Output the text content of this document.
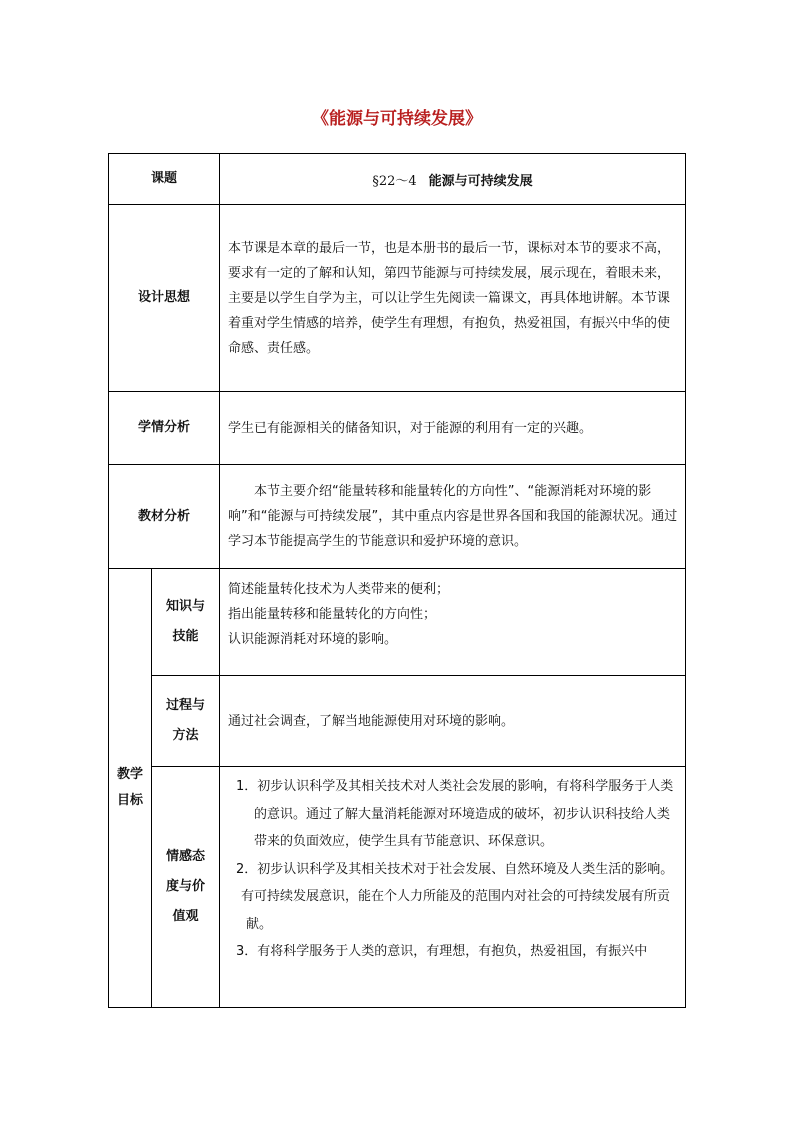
《能源与可持续发展》
课题		§22～4 能源与可持续发展
设计思想		本节课是本章的最后一节，也是本册书的最后一节，课标对本节的要求不高，要求有一定的了解和认知，第四节能源与可持续发展，展示现在，着眼未来，主要是以学生自学为主，可以让学生先阅读一篇课文，再具体地讲解。本节课着重对学生情感的培养，使学生有理想，有抱负，热爱祖国，有振兴中华的使命感、责任感。
学情分析		学生已有能源相关的储备知识，对于能源的利用有一定的兴趣。
教材分析		本节主要介绍“能量转移和能量转化的方向性”、“能源消耗对环境的影响”和“能源与可持续发展”，其中重点内容是世界各国和我国的能源状况。通过学习本节能提高学生的节能意识和爱护环境的意识。

教学目标	知识与技能	简述能量转化技术为人类带来的便利；
指出能量转移和能量转化的方向性；
认识能源消耗对环境的影响。

	过程与方法	通过社会调查，了解当地能源使用对环境的影响。

	情感态度与价值观	1．初步认识科学及其相关技术对人类社会发展的影响，有将科学服务于人类的意识。通过了解大量消耗能源对环境造成的破坏，初步认识科技给人类带来的负面效应，使学生具有节能意识、环保意识。
2．初步认识科学及其相关技术对于社会发展、自然环境及人类生活的影响。
有可持续发展意识，能在个人力所能及的范围内对社会的可持续发展有所贡献。
3．有将科学服务于人类的意识，有理想，有抱负，热爱祖国，有振兴中
